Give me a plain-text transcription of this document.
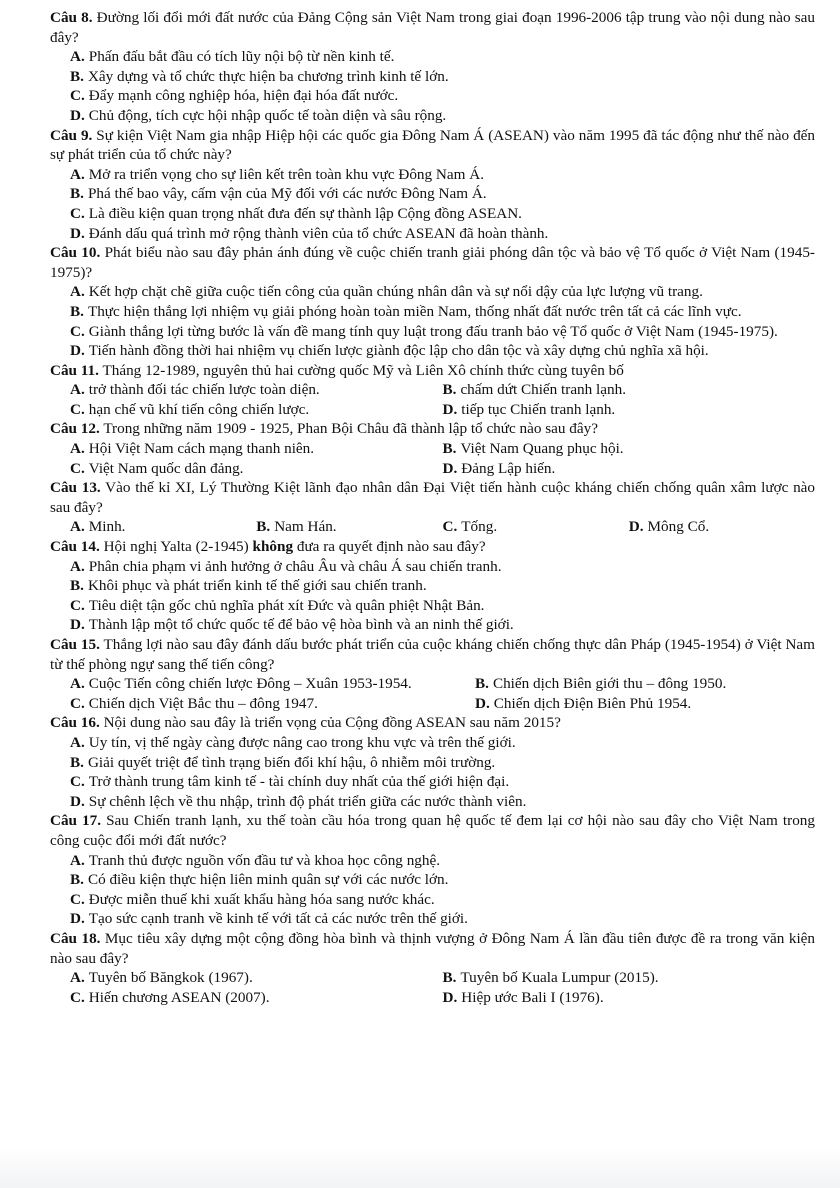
Câu 8. Đường lối đổi mới đất nước của Đảng Cộng sản Việt Nam trong giai đoạn 1996-2006 tập trung vào nội dung nào sau đây?
A. Phấn đấu bắt đầu có tích lũy nội bộ từ nền kinh tế.
B. Xây dựng và tổ chức thực hiện ba chương trình kinh tế lớn.
C. Đẩy mạnh công nghiệp hóa, hiện đại hóa đất nước.
D. Chủ động, tích cực hội nhập quốc tế toàn diện và sâu rộng.
Câu 9. Sự kiện Việt Nam gia nhập Hiệp hội các quốc gia Đông Nam Á (ASEAN) vào năm 1995 đã tác động như thế nào đến sự phát triển của tổ chức này?
A. Mở ra triển vọng cho sự liên kết trên toàn khu vực Đông Nam Á.
B. Phá thế bao vây, cấm vận của Mỹ đối với các nước Đông Nam Á.
C. Là điều kiện quan trọng nhất đưa đến sự thành lập Cộng đồng ASEAN.
D. Đánh dấu quá trình mở rộng thành viên của tổ chức ASEAN đã hoàn thành.
Câu 10. Phát biểu nào sau đây phản ánh đúng về cuộc chiến tranh giải phóng dân tộc và bảo vệ Tổ quốc ở Việt Nam (1945-1975)?
A. Kết hợp chặt chẽ giữa cuộc tiến công của quần chúng nhân dân và sự nổi dậy của lực lượng vũ trang.
B. Thực hiện thắng lợi nhiệm vụ giải phóng hoàn toàn miền Nam, thống nhất đất nước trên tất cả các lĩnh vực.
C. Giành thắng lợi từng bước là vấn đề mang tính quy luật trong đấu tranh bảo vệ Tổ quốc ở Việt Nam (1945-1975).
D. Tiến hành đồng thời hai nhiệm vụ chiến lược giành độc lập cho dân tộc và xây dựng chủ nghĩa xã hội.
Câu 11. Tháng 12-1989, nguyên thủ hai cường quốc Mỹ và Liên Xô chính thức cùng tuyên bố
A. trở thành đối tác chiến lược toàn diện.	B. chấm dứt Chiến tranh lạnh.
C. hạn chế vũ khí tiến công chiến lược.	D. tiếp tục Chiến tranh lạnh.
Câu 12. Trong những năm 1909 - 1925, Phan Bội Châu đã thành lập tổ chức nào sau đây?
A. Hội Việt Nam cách mạng thanh niên.	B. Việt Nam Quang phục hội.
C. Việt Nam quốc dân đảng.	D. Đảng Lập hiến.
Câu 13. Vào thế kỉ XI, Lý Thường Kiệt lãnh đạo nhân dân Đại Việt tiến hành cuộc kháng chiến chống quân xâm lược nào sau đây?
A. Minh.	B. Nam Hán.	C. Tống.	D. Mông Cổ.
Câu 14. Hội nghị Yalta (2-1945) không đưa ra quyết định nào sau đây?
A. Phân chia phạm vi ảnh hưởng ở châu Âu và châu Á sau chiến tranh.
B. Khôi phục và phát triển kinh tế thế giới sau chiến tranh.
C. Tiêu diệt tận gốc chủ nghĩa phát xít Đức và quân phiệt Nhật Bản.
D. Thành lập một tổ chức quốc tế để bảo vệ hòa bình và an ninh thế giới.
Câu 15. Thắng lợi nào sau đây đánh dấu bước phát triển của cuộc kháng chiến chống thực dân Pháp (1945-1954) ở Việt Nam từ thế phòng ngự sang thế tiến công?
A. Cuộc Tiến công chiến lược Đông – Xuân 1953-1954.	B. Chiến dịch Biên giới thu – đông 1950.
C. Chiến dịch Việt Bắc thu – đông 1947.	D. Chiến dịch Điện Biên Phủ 1954.
Câu 16. Nội dung nào sau đây là triển vọng của Cộng đồng ASEAN sau năm 2015?
A. Uy tín, vị thế ngày càng được nâng cao trong khu vực và trên thế giới.
B. Giải quyết triệt để tình trạng biến đổi khí hậu, ô nhiễm môi trường.
C. Trở thành trung tâm kinh tế - tài chính duy nhất của thế giới hiện đại.
D. Sự chênh lệch về thu nhập, trình độ phát triển giữa các nước thành viên.
Câu 17. Sau Chiến tranh lạnh, xu thế toàn cầu hóa trong quan hệ quốc tế đem lại cơ hội nào sau đây cho Việt Nam trong công cuộc đổi mới đất nước?
A. Tranh thủ được nguồn vốn đầu tư và khoa học công nghệ.
B. Có điều kiện thực hiện liên minh quân sự với các nước lớn.
C. Được miễn thuế khi xuất khẩu hàng hóa sang nước khác.
D. Tạo sức cạnh tranh về kinh tế với tất cả các nước trên thế giới.
Câu 18. Mục tiêu xây dựng một cộng đồng hòa bình và thịnh vượng ở Đông Nam Á lần đầu tiên được đề ra trong văn kiện nào sau đây?
A. Tuyên bố Băngkok (1967).	B. Tuyên bố Kuala Lumpur (2015).
C. Hiến chương ASEAN (2007).	D. Hiệp ước Bali I (1976).
